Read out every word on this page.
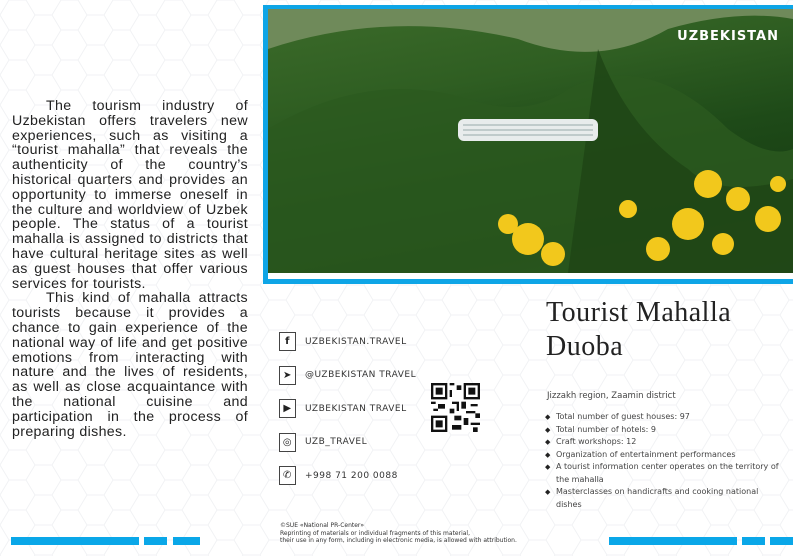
The tourism industry of Uzbekistan offers travelers new experiences, such as visiting a “tourist mahalla” that reveals the authenticity of the country’s historical quarters and provides an opportunity to immerse oneself in the culture and worldview of Uzbek people. The status of a tourist mahalla is assigned to districts that have cultural heritage sites as well as guest houses that offer various services for tourists.

This kind of mahalla attracts tourists because it provides a chance to gain experience of the national way of life and get positive emotions from interacting with nature and the lives of residents, as well as close acquaintance with the national cuisine and participation in the process of preparing dishes.

UZBEKISTAN
f	UZBEKISTAN.TRAVEL
➤	@UZBEKISTAN TRAVEL
▶	UZBEKISTAN TRAVEL
◎	UZB_TRAVEL
✆	+998 71 200 0088
©SUE «National PR-Center»
Reprinting of materials or individual fragments of this material,
their use in any form, including in electronic media, is allowed with attribution.
Tourist Mahalla
Duoba
Jizzakh region, Zaamin district
◆ Total number of guest houses: 97
◆ Total number of hotels: 9
◆ Craft workshops: 12
◆ Organization of entertainment performances
◆ A tourist information center operates on the territory of the mahalla
◆ Masterclasses on handicrafts and cooking national dishes
